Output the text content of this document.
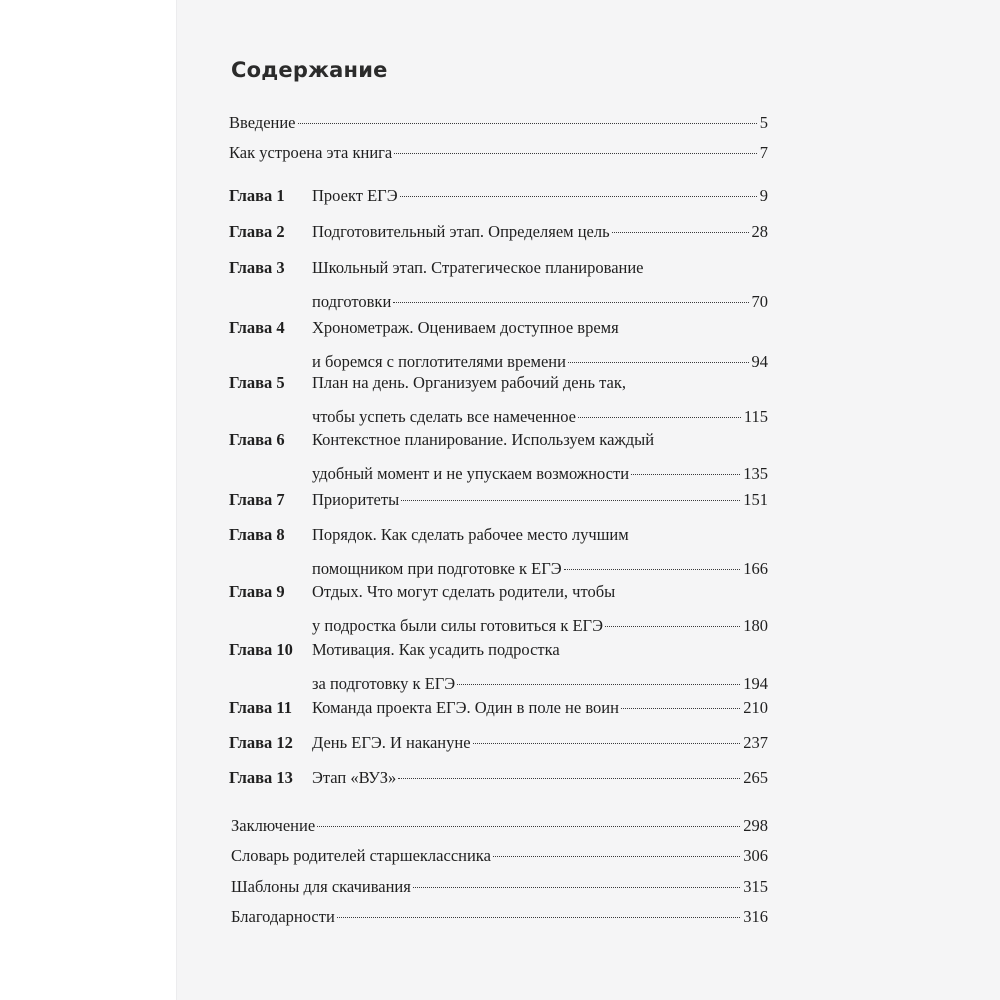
Содержание
Введение	5
Как устроена эта книга	7
Глава 1	Проект ЕГЭ	9
Глава 2	Подготовительный этап. Определяем цель	28
Глава 3	Школьный этап. Стратегическое планирование
подготовки	70
Глава 4	Хронометраж. Оцениваем доступное время
и боремся с поглотителями времени	94
Глава 5	План на день. Организуем рабочий день так,
чтобы успеть сделать все намеченное	115
Глава 6	Контекстное планирование. Используем каждый
удобный момент и не упускаем возможности	135
Глава 7	Приоритеты	151
Глава 8	Порядок. Как сделать рабочее место лучшим
помощником при подготовке к ЕГЭ	166
Глава 9	Отдых. Что могут сделать родители, чтобы
у подростка были силы готовиться к ЕГЭ	180
Глава 10	Мотивация. Как усадить подростка
за подготовку к ЕГЭ	194
Глава 11	Команда проекта ЕГЭ. Один в поле не воин	210
Глава 12	День ЕГЭ. И накануне	237
Глава 13	Этап «ВУЗ»	265
Заключение	298
Словарь родителей старшеклассника	306
Шаблоны для скачивания	315
Благодарности	316
